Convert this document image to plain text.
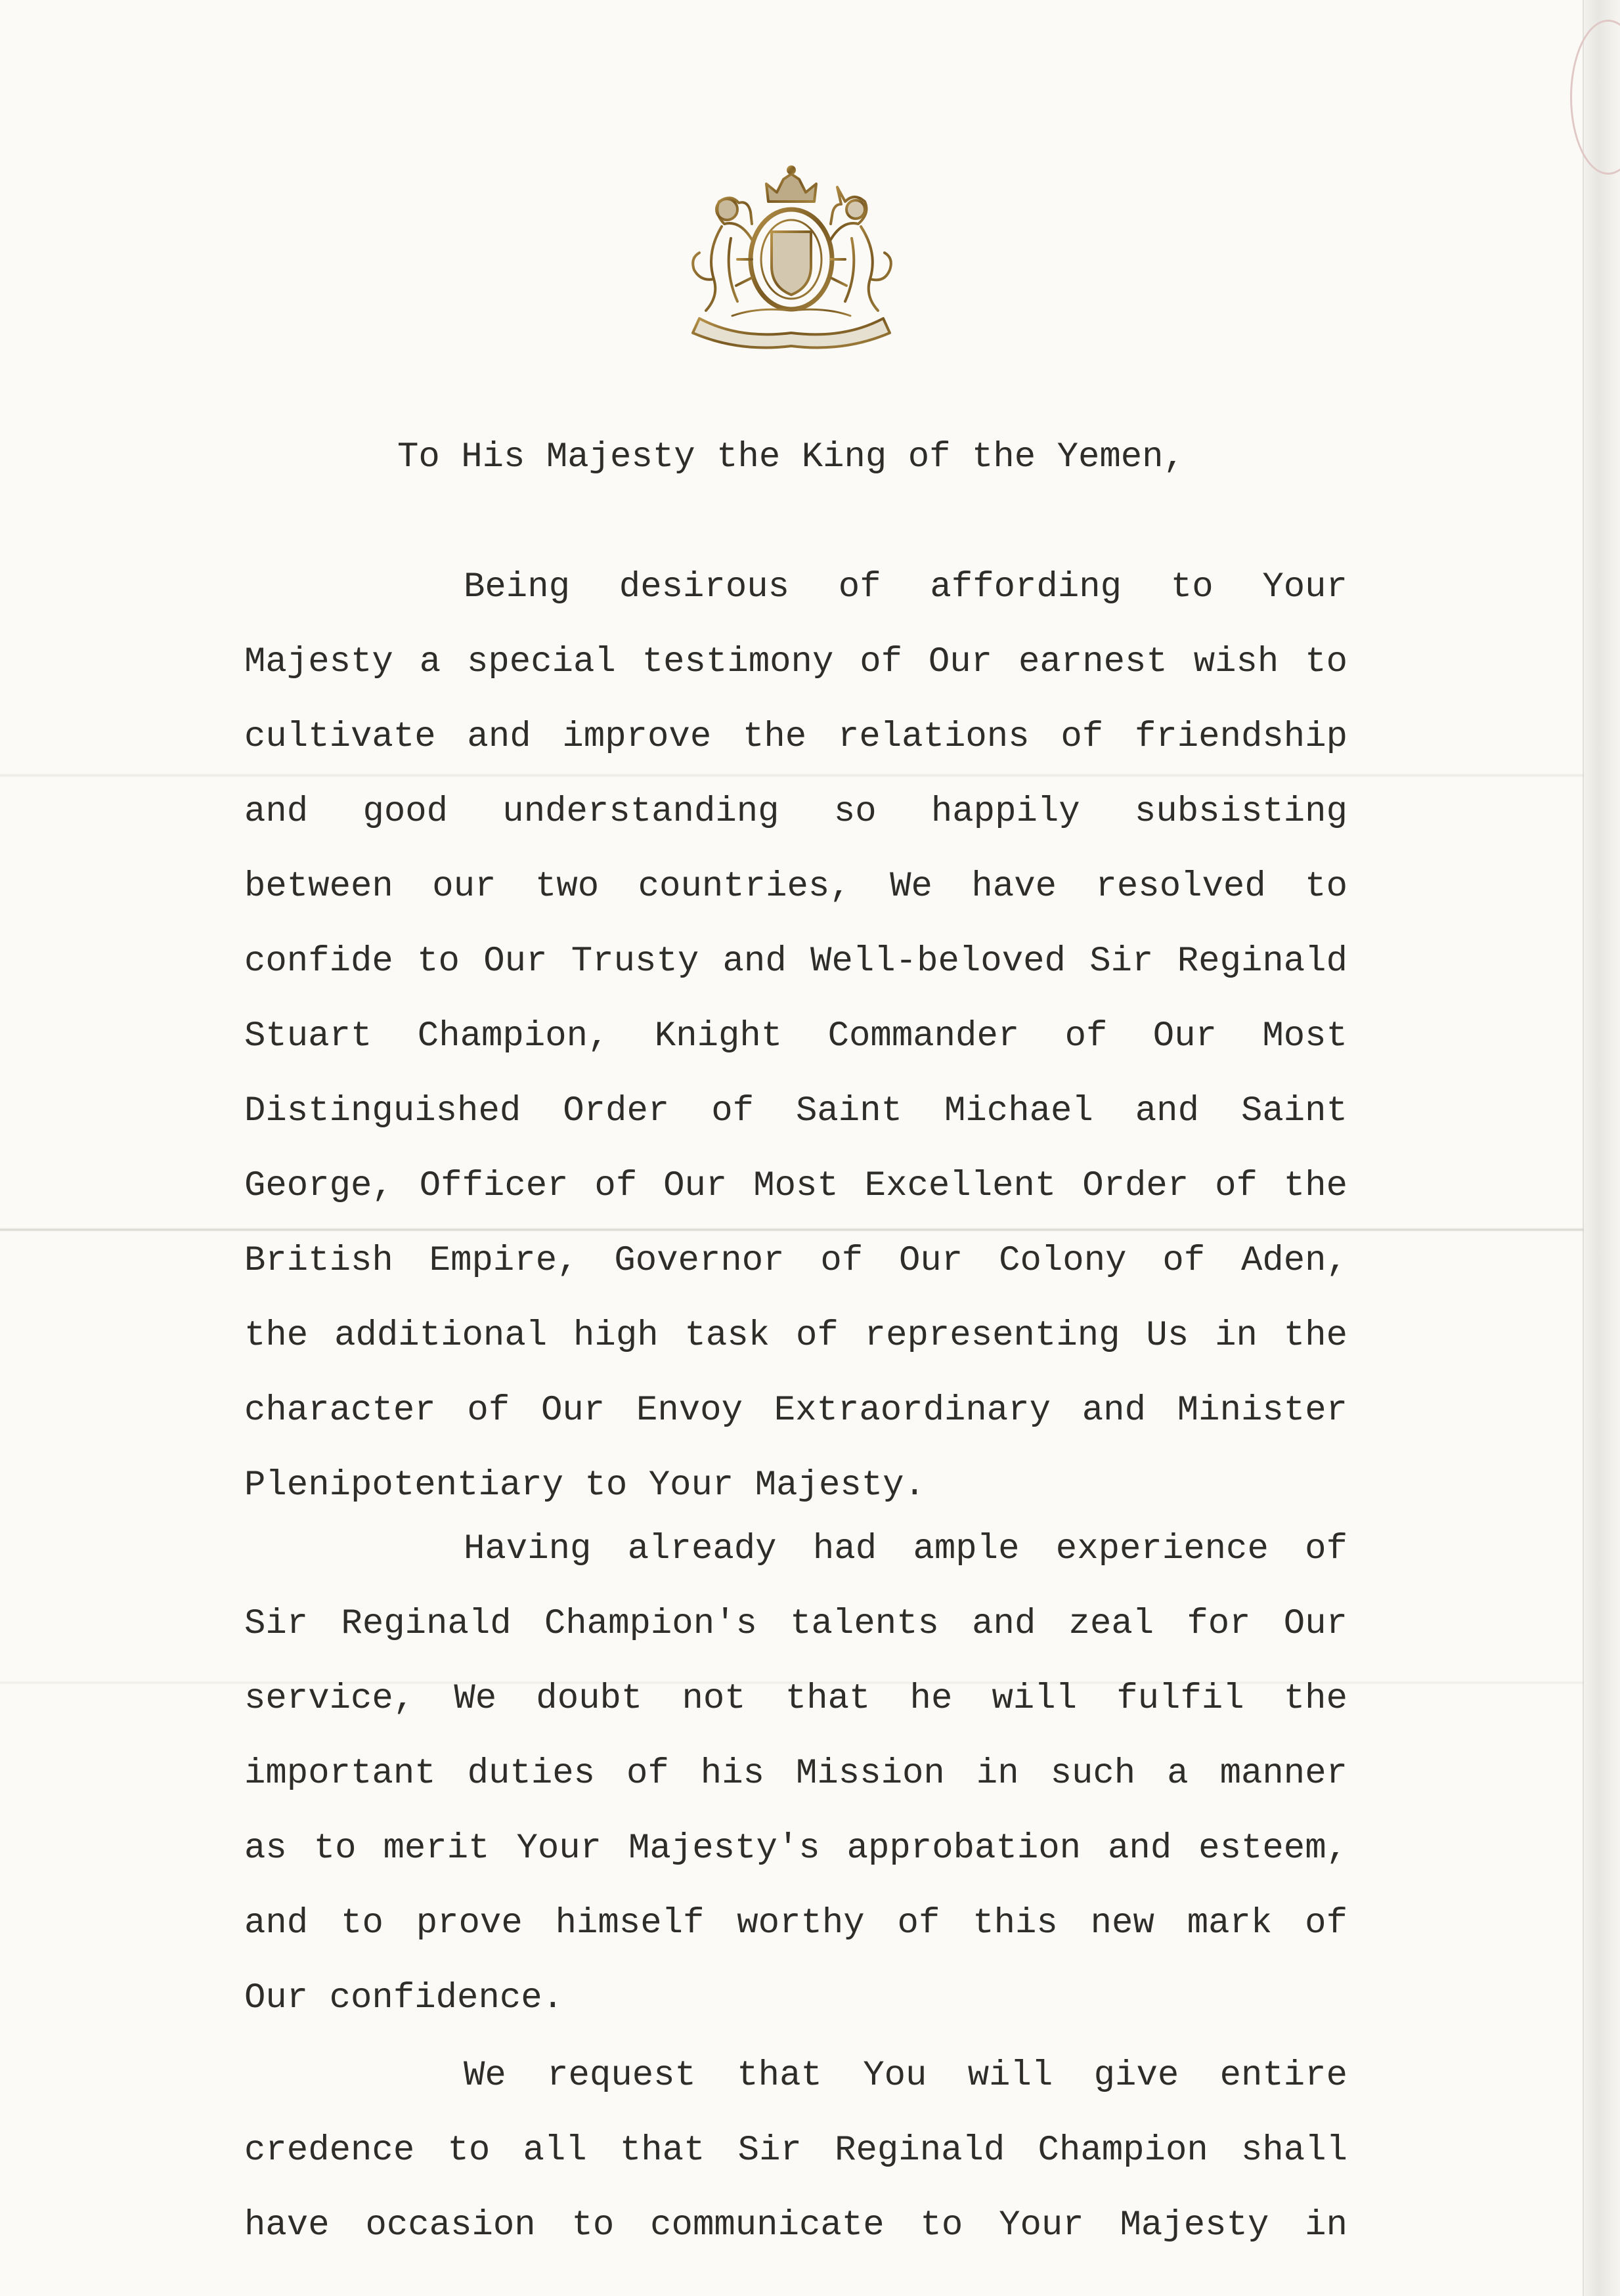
To His Majesty the King of the Yemen,
Being desirous of affording to Your
Majesty a special testimony of Our earnest wish to
cultivate and improve the relations of friendship
and good understanding so happily subsisting
between our two countries, We have resolved to
confide to Our Trusty and Well-beloved Sir Reginald
Stuart Champion, Knight Commander of Our Most
Distinguished Order of Saint Michael and Saint
George, Officer of Our Most Excellent Order of the
British Empire, Governor of Our Colony of Aden,
the additional high task of representing Us in the
character of Our Envoy Extraordinary and Minister
Plenipotentiary to Your Majesty.
Having already had ample experience of
Sir Reginald Champion's talents and zeal for Our
service, We doubt not that he will fulfil the
important duties of his Mission in such a manner
as to merit Your Majesty's approbation and esteem,
and to prove himself worthy of this new mark of
Our confidence.
We request that You will give entire
credence to all that Sir Reginald Champion shall
have occasion to communicate to Your Majesty in
